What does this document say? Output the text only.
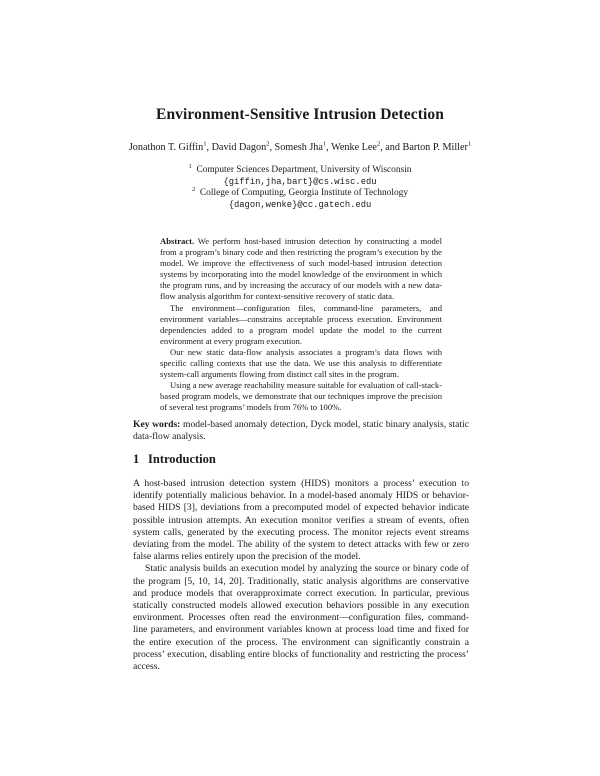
Environment-Sensitive Intrusion Detection
Jonathon T. Giffin$^1$, David Dagon$^2$, Somesh Jha$^1$, Wenke Lee$^2$, and Barton P. Miller$^1$
$^1$ Computer Sciences Department, University of Wisconsin
{giffin,jha,bart}@cs.wisc.edu
$^2$ College of Computing, Georgia Institute of Technology
{dagon,wenke}@cc.gatech.edu

Abstract. We perform host-based intrusion detection by constructing a model from a program’s binary code and then restricting the program’s execution by the model. We improve the effectiveness of such model-based intrusion detection systems by incorporating into the model knowledge of the environment in which the program runs, and by increasing the accuracy of our models with a new data-flow analysis algorithm for context-sensitive recovery of static data.

The environment—configuration files, command-line parameters, and environment variables—constrains acceptable process execution. Environment dependencies added to a program model update the model to the current environment at every program execution.

Our new static data-flow analysis associates a program’s data flows with specific calling contexts that use the data. We use this analysis to differentiate system-call arguments flowing from distinct call sites in the program.

Using a new average reachability measure suitable for evaluation of call-stack-based program models, we demonstrate that our techniques improve the precision of several test programs’ models from 76% to 100%.

Key words: model-based anomaly detection, Dyck model, static binary analysis, static data-flow analysis.
1 Introduction

A host-based intrusion detection system (HIDS) monitors a process’ execution to identify potentially malicious behavior. In a model-based anomaly HIDS or behavior-based HIDS [3], deviations from a precomputed model of expected behavior indicate possible intrusion attempts. An execution monitor verifies a stream of events, often system calls, generated by the executing process. The monitor rejects event streams deviating from the model. The ability of the system to detect attacks with few or zero false alarms relies entirely upon the precision of the model.

Static analysis builds an execution model by analyzing the source or binary code of the program [5, 10, 14, 20]. Traditionally, static analysis algorithms are conservative and produce models that overapproximate correct execution. In particular, previous statically constructed models allowed execution behaviors possible in any execution environment. Processes often read the environment—configuration files, command-line parameters, and environment variables known at process load time and fixed for the entire execution of the process. The environment can significantly constrain a process’ execution, disabling entire blocks of functionality and restricting the process’ access.
